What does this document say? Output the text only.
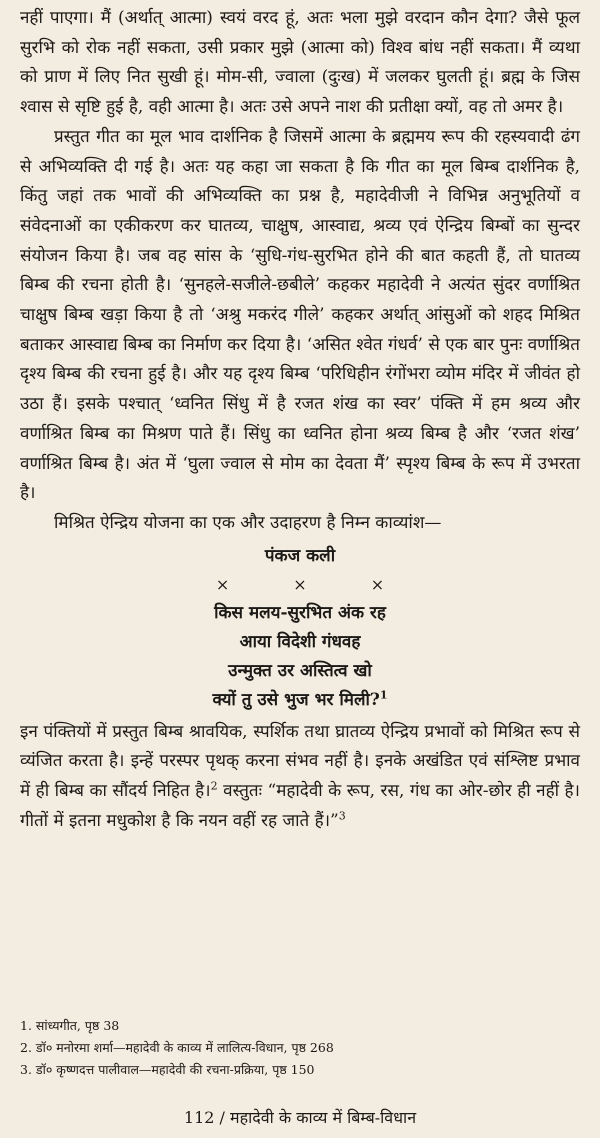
नहीं पाएगा। मैं (अर्थात् आत्मा) स्वयं वरद हूं, अतः भला मुझे वरदान कौन देगा? जैसे फूल सुरभि को रोक नहीं सकता, उसी प्रकार मुझे (आत्मा को) विश्व बांध नहीं सकता। मैं व्यथा को प्राण में लिए नित सुखी हूं। मोम-सी, ज्वाला (दुःख) में जलकर घुलती हूं। ब्रह्म के जिस श्वास से सृष्टि हुई है, वही आत्मा है। अतः उसे अपने नाश की प्रतीक्षा क्यों, वह तो अमर है।

प्रस्तुत गीत का मूल भाव दार्शनिक है जिसमें आत्मा के ब्रह्ममय रूप की रहस्यवादी ढंग से अभिव्यक्ति दी गई है। अतः यह कहा जा सकता है कि गीत का मूल बिम्ब दार्शनिक है, किंतु जहां तक भावों की अभिव्यक्ति का प्रश्न है, महादेवीजी ने विभिन्न अनुभूतियों व संवेदनाओं का एकीकरण कर घातव्य, चाक्षुष, आस्वाद्य, श्रव्य एवं ऐन्द्रिय बिम्बों का सुन्दर संयोजन किया है। जब वह सांस के ‘सुधि-गंध-सुरभित होने की बात कहती हैं, तो घातव्य बिम्ब की रचना होती है। ‘सुनहले-सजीले-छबीले’ कहकर महादेवी ने अत्यंत सुंदर वर्णाश्रित चाक्षुष बिम्ब खड़ा किया है तो ‘अश्रु मकरंद गीले’ कहकर अर्थात् आंसुओं को शहद मिश्रित बताकर आस्वाद्य बिम्ब का निर्माण कर दिया है। ‘असित श्वेत गंधर्व’ से एक बार पुनः वर्णाश्रित दृश्य बिम्ब की रचना हुई है। और यह दृश्य बिम्ब ‘परिधिहीन रंगोंभरा व्योम मंदिर में जीवंत हो उठा हैं। इसके पश्चात् ‘ध्वनित सिंधु में है रजत शंख का स्वर’ पंक्ति में हम श्रव्य और वर्णाश्रित बिम्ब का मिश्रण पाते हैं। सिंधु का ध्वनित होना श्रव्य बिम्ब है और ‘रजत शंख’ वर्णाश्रित बिम्ब है। अंत में ‘घुला ज्वाल से मोम का देवता मैं’ स्पृश्य बिम्ब के रूप में उभरता है।

मिश्रित ऐन्द्रिय योजना का एक और उदाहरण है निम्न काव्यांश—

पंकज कली
×	×	×
किस मलय-सुरभित अंक रह
आया विदेशी गंधवह
उन्मुक्त उर अस्तित्व खो
क्यों तु उसे भुज भर मिली?$^1$

इन पंक्तियों में प्रस्तुत बिम्ब श्रावयिक, स्पर्शिक तथा घ्रातव्य ऐन्द्रिय प्रभावों को मिश्रित रूप से व्यंजित करता है। इन्हें परस्पर पृथक् करना संभव नहीं है। इनके अखंडित एवं संश्लिष्ट प्रभाव में ही बिम्ब का सौंदर्य निहित है।$^2$ वस्तुतः “महादेवी के रूप, रस, गंध का ओर-छोर ही नहीं है। गीतों में इतना मधुकोश है कि नयन वहीं रह जाते हैं।”$^3$

1. सांध्यगीत, पृष्ठ 38
2. डॉ० मनोरमा शर्मा—महादेवी के काव्य में लालित्य-विधान, पृष्ठ 268
3. डॉ० कृष्णदत्त पालीवाल—महादेवी की रचना-प्रक्रिया, पृष्ठ 150
112 / महादेवी के काव्य में बिम्ब-विधान
